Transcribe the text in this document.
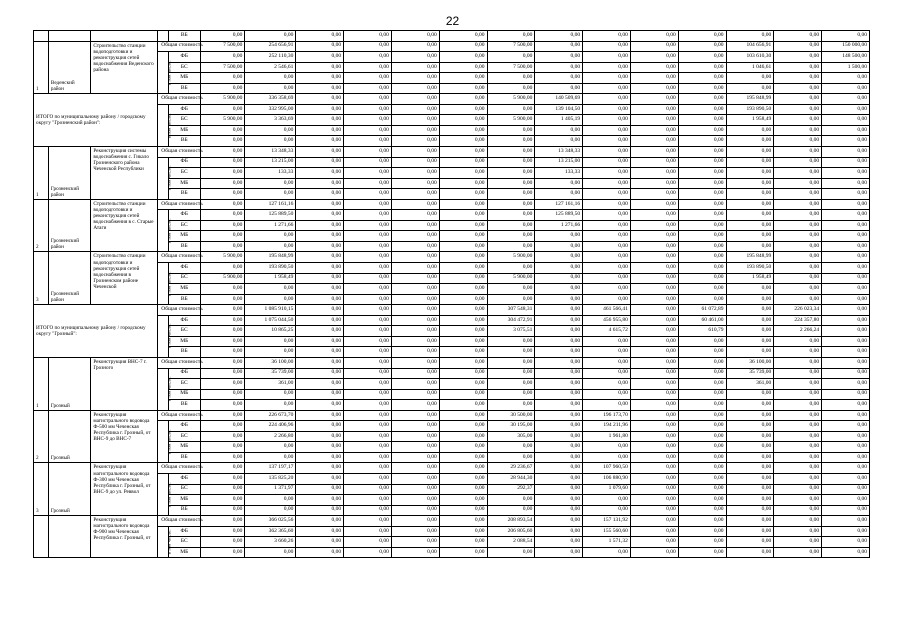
22
				ВБ	0,00	0,00	0,00	0,00	0,00	0,00	0,00	0,00	0,00	0,00	0,00	0,00	0,00	0,00
1	Веденский район	Строительство станции водоподготовки и реконструкция сетей водоснабжения Веденского района	Общая стоимость		7 500,00	254 656,91	0,00	0,00	0,00	0,00	7 500,00	0,00	0,00	0,00	0,00	104 656,91	0,00	150 000,00
			в том числе:	ФБ	0,00	252 110,30	0,00	0,00	0,00	0,00	0,00	0,00	0,00	0,00	0,00	103 610,30	0,00	148 500,00
				БС	7 500,00	2 546,61	0,00	0,00	0,00	0,00	7 500,00	0,00	0,00	0,00	0,00	1 046,61	0,00	1 500,00
				МБ	0,00	0,00	0,00	0,00	0,00	0,00	0,00	0,00	0,00	0,00	0,00	0,00	0,00	0,00
				ВБ	0,00	0,00	0,00	0,00	0,00	0,00	0,00	0,00	0,00	0,00	0,00	0,00	0,00	0,00
ИТОГО по муниципальному району / городскому округу "Грозненский район":			Общая стоимость		5 900,00	336 358,69	0,00	0,00	0,00	0,00	5 900,00	140 509,69	0,00	0,00	0,00	195 848,99	0,00	0,00
			в том числе:	ФБ	0,00	332 995,00	0,00	0,00	0,00	0,00	0,00	139 104,50	0,00	0,00	0,00	193 890,50	0,00	0,00
				БС	5 900,00	3 363,69	0,00	0,00	0,00	0,00	5 900,00	1 405,19	0,00	0,00	0,00	1 958,49	0,00	0,00
				МБ	0,00	0,00	0,00	0,00	0,00	0,00	0,00	0,00	0,00	0,00	0,00	0,00	0,00	0,00
				ВБ	0,00	0,00	0,00	0,00	0,00	0,00	0,00	0,00	0,00	0,00	0,00	0,00	0,00	0,00
1	Грозненский район	Реконструкция системы водоснабжения с. Гикало Грозненского района Чеченской Республики	Общая стоимость		0,00	13 348,33	0,00	0,00	0,00	0,00	0,00	13 348,33	0,00	0,00	0,00	0,00	0,00	0,00
			в том числе:	ФБ	0,00	13 215,00	0,00	0,00	0,00	0,00	0,00	13 215,00	0,00	0,00	0,00	0,00	0,00	0,00
				БС	0,00	133,33	0,00	0,00	0,00	0,00	0,00	133,33	0,00	0,00	0,00	0,00	0,00	0,00
				МБ	0,00	0,00	0,00	0,00	0,00	0,00	0,00	0,00	0,00	0,00	0,00	0,00	0,00	0,00
				ВБ	0,00	0,00	0,00	0,00	0,00	0,00	0,00	0,00	0,00	0,00	0,00	0,00	0,00	0,00
2	Грозненский район	Строительство станции водоподготовки и реконструкция сетей водоснабжения в с. Старые Атаги	Общая стоимость		0,00	127 161,16	0,00	0,00	0,00	0,00	0,00	127 161,16	0,00	0,00	0,00	0,00	0,00	0,00
			в том числе:	ФБ	0,00	125 889,50	0,00	0,00	0,00	0,00	0,00	125 889,50	0,00	0,00	0,00	0,00	0,00	0,00
				БС	0,00	1 271,66	0,00	0,00	0,00	0,00	0,00	1 271,66	0,00	0,00	0,00	0,00	0,00	0,00
				МБ	0,00	0,00	0,00	0,00	0,00	0,00	0,00	0,00	0,00	0,00	0,00	0,00	0,00	0,00
				ВБ	0,00	0,00	0,00	0,00	0,00	0,00	0,00	0,00	0,00	0,00	0,00	0,00	0,00	0,00
3	Грозненский район	Строительство станции водоподготовки и реконструкция сетей водоснабжения в Грозненском районе Чеченской	Общая стоимость		5 900,00	195 848,99	0,00	0,00	0,00	0,00	5 900,00	0,00	0,00	0,00	0,00	195 848,99	0,00	0,00
			в том числе:	ФБ	0,00	193 890,50	0,00	0,00	0,00	0,00	0,00	0,00	0,00	0,00	0,00	193 890,50	0,00	0,00
				БС	5 900,00	1 958,49	0,00	0,00	0,00	0,00	5 900,00	0,00	0,00	0,00	0,00	1 958,49	0,00	0,00
				МБ	0,00	0,00	0,00	0,00	0,00	0,00	0,00	0,00	0,00	0,00	0,00	0,00	0,00	0,00
				ВБ	0,00	0,00	0,00	0,00	0,00	0,00	0,00	0,00	0,00	0,00	0,00	0,00	0,00	0,00
ИТОГО по муниципальному району / городскому округу "Грозный":			Общая стоимость		0,00	1 085 910,15	0,00	0,00	0,00	0,00	307 548,31	0,00	461 566,41	0,00	61 072,89	0,00	226 023,34	0,00
			в том числе:	ФБ	0,00	1 075 044,50	0,00	0,00	0,00	0,00	304 472,91	0,00	456 955,80	0,00	60 461,00	0,00	224 357,80	0,00
				БС	0,00	10 865,25	0,00	0,00	0,00	0,00	3 075,51	0,00	4 615,72	0,00	610,79	0,00	2 266,24	0,00
				МБ	0,00	0,00	0,00	0,00	0,00	0,00	0,00	0,00	0,00	0,00	0,00	0,00	0,00	0,00
				ВБ	0,00	0,00	0,00	0,00	0,00	0,00	0,00	0,00	0,00	0,00	0,00	0,00	0,00	0,00
1	Грозный	Реконструкция ВНС-7 г. Грозного	Общая стоимость		0,00	36 100,00	0,00	0,00	0,00	0,00	0,00	0,00	0,00	0,00	0,00	36 100,00	0,00	0,00
			в том числе:	ФБ	0,00	35 739,00	0,00	0,00	0,00	0,00	0,00	0,00	0,00	0,00	0,00	35 739,00	0,00	0,00
				БС	0,00	361,00	0,00	0,00	0,00	0,00	0,00	0,00	0,00	0,00	0,00	361,00	0,00	0,00
				МБ	0,00	0,00	0,00	0,00	0,00	0,00	0,00	0,00	0,00	0,00	0,00	0,00	0,00	0,00
				ВБ	0,00	0,00	0,00	0,00	0,00	0,00	0,00	0,00	0,00	0,00	0,00	0,00	0,00	0,00
2	Грозный	Реконструкция магистрального водовода Ф-500 мм Чеченская Республика г. Грозный, от ВНС-9 до ВНС-7	Общая стоимость		0,00	226 673,70	0,00	0,00	0,00	0,00	30 500,00	0,00	196 173,70	0,00	0,00	0,00	0,00	0,00
			в том числе:	ФБ	0,00	224 406,96	0,00	0,00	0,00	0,00	30 195,00	0,00	194 211,96	0,00	0,00	0,00	0,00	0,00
				БС	0,00	2 266,80	0,00	0,00	0,00	0,00	305,00	0,00	1 961,80	0,00	0,00	0,00	0,00	0,00
				МБ	0,00	0,00	0,00	0,00	0,00	0,00	0,00	0,00	0,00	0,00	0,00	0,00	0,00	0,00
				ВБ	0,00	0,00	0,00	0,00	0,00	0,00	0,00	0,00	0,00	0,00	0,00	0,00	0,00	0,00
3	Грозный	Реконструкция магистрального водовода Ф-300 мм Чеченская Республика г. Грозный, от ВНС-9 до ул. Реввол	Общая стоимость		0,00	137 197,17	0,00	0,00	0,00	0,00	29 236,67	0,00	107 960,50	0,00	0,00	0,00	0,00	0,00
			в том числе:	ФБ	0,00	135 825,20	0,00	0,00	0,00	0,00	28 944,30	0,00	106 880,90	0,00	0,00	0,00	0,00	0,00
				БС	0,00	1 371,97	0,00	0,00	0,00	0,00	292,37	0,00	1 079,60	0,00	0,00	0,00	0,00	0,00
				МБ	0,00	0,00	0,00	0,00	0,00	0,00	0,00	0,00	0,00	0,00	0,00	0,00	0,00	0,00
				ВБ	0,00	0,00	0,00	0,00	0,00	0,00	0,00	0,00	0,00	0,00	0,00	0,00	0,00	0,00
		Реконструкция магистрального водовода Ф-900 мм Чеченская Республика г. Грозный, от	Общая стоимость		0,00	366 025,56	0,00	0,00	0,00	0,00	208 893,54	0,00	157 131,92	0,00	0,00	0,00	0,00	0,00
			в том числе:	ФБ	0,00	362 365,60	0,00	0,00	0,00	0,00	206 805,60	0,00	155 560,60	0,00	0,00	0,00	0,00	0,00
				БС	0,00	3 660,26	0,00	0,00	0,00	0,00	2 088,54	0,00	1 571,32	0,00	0,00	0,00	0,00	0,00
				МБ	0,00	0,00	0,00	0,00	0,00	0,00	0,00	0,00	0,00	0,00	0,00	0,00	0,00	0,00
